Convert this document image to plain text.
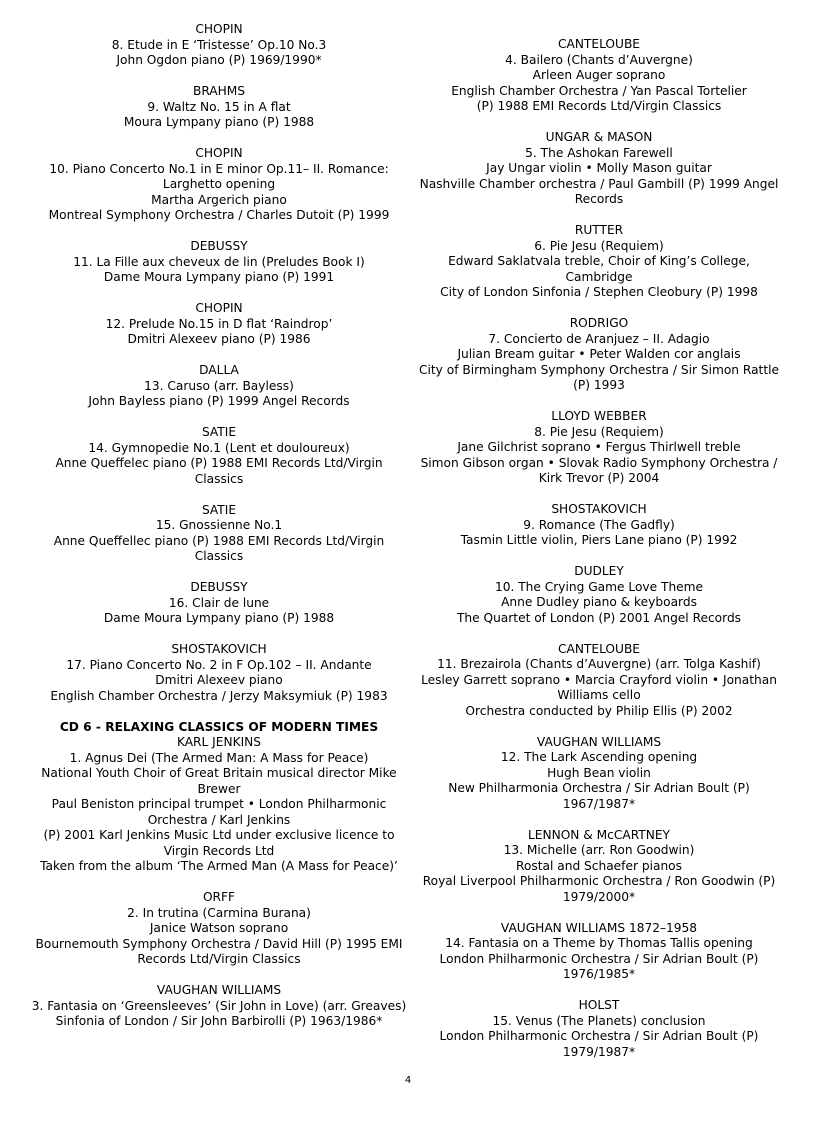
CHOPIN
8. Etude in E ‘Tristesse’ Op.10 No.3
John Ogdon piano (P) 1969/1990*
BRAHMS
9. Waltz No. 15 in A flat
Moura Lympany piano (P) 1988
CHOPIN
10. Piano Concerto No.1 in E minor Op.11– II. Romance: Larghetto opening
Martha Argerich piano
Montreal Symphony Orchestra / Charles Dutoit (P) 1999
DEBUSSY
11. La Fille aux cheveux de lin (Preludes Book I)
Dame Moura Lympany piano (P) 1991
CHOPIN
12. Prelude No.15 in D flat ‘Raindrop’
Dmitri Alexeev piano (P) 1986
DALLA
13. Caruso (arr. Bayless)
John Bayless piano (P) 1999 Angel Records
SATIE
14. Gymnopedie No.1 (Lent et douloureux)
Anne Queffelec piano (P) 1988 EMI Records Ltd/Virgin Classics
SATIE
15. Gnossienne No.1
Anne Queffellec piano (P) 1988 EMI Records Ltd/Virgin Classics
DEBUSSY
16. Clair de lune
Dame Moura Lympany piano (P) 1988
SHOSTAKOVICH
17. Piano Concerto No. 2 in F Op.102 – II. Andante
Dmitri Alexeev piano
English Chamber Orchestra / Jerzy Maksymiuk (P) 1983
CD 6 - RELAXING CLASSICS OF MODERN TIMES
KARL JENKINS
1. Agnus Dei (The Armed Man: A Mass for Peace)
National Youth Choir of Great Britain musical director Mike Brewer
Paul Beniston principal trumpet • London Philharmonic Orchestra / Karl Jenkins
(P) 2001 Karl Jenkins Music Ltd under exclusive licence to Virgin Records Ltd
Taken from the album ‘The Armed Man (A Mass for Peace)’
ORFF
2. In trutina (Carmina Burana)
Janice Watson soprano
Bournemouth Symphony Orchestra / David Hill (P) 1995 EMI Records Ltd/Virgin Classics
VAUGHAN WILLIAMS
3. Fantasia on ‘Greensleeves’ (Sir John in Love) (arr. Greaves)
Sinfonia of London / Sir John Barbirolli (P) 1963/1986*
CANTELOUBE
4. Bailero (Chants d’Auvergne)
Arleen Auger soprano
English Chamber Orchestra / Yan Pascal Tortelier
(P) 1988 EMI Records Ltd/Virgin Classics
UNGAR & MASON
5. The Ashokan Farewell
Jay Ungar violin • Molly Mason guitar
Nashville Chamber orchestra / Paul Gambill (P) 1999 Angel Records
RUTTER
6. Pie Jesu (Requiem)
Edward Saklatvala treble, Choir of King’s College, Cambridge
City of London Sinfonia / Stephen Cleobury (P) 1998
RODRIGO
7. Concierto de Aranjuez – II. Adagio
Julian Bream guitar • Peter Walden cor anglais
City of Birmingham Symphony Orchestra / Sir Simon Rattle (P) 1993
LLOYD WEBBER
8. Pie Jesu (Requiem)
Jane Gilchrist soprano • Fergus Thirlwell treble
Simon Gibson organ • Slovak Radio Symphony Orchestra / Kirk Trevor (P) 2004
SHOSTAKOVICH
9. Romance (The Gadfly)
Tasmin Little violin, Piers Lane piano (P) 1992
DUDLEY
10. The Crying Game Love Theme
Anne Dudley piano & keyboards
The Quartet of London (P) 2001 Angel Records
CANTELOUBE
11. Brezairola (Chants d’Auvergne) (arr. Tolga Kashif)
Lesley Garrett soprano • Marcia Crayford violin • Jonathan Williams cello
Orchestra conducted by Philip Ellis (P) 2002
VAUGHAN WILLIAMS
12. The Lark Ascending opening
Hugh Bean violin
New Philharmonia Orchestra / Sir Adrian Boult (P) 1967/1987*
LENNON & McCARTNEY
13. Michelle (arr. Ron Goodwin)
Rostal and Schaefer pianos
Royal Liverpool Philharmonic Orchestra / Ron Goodwin (P) 1979/2000*
VAUGHAN WILLIAMS 1872–1958
14. Fantasia on a Theme by Thomas Tallis opening
London Philharmonic Orchestra / Sir Adrian Boult (P) 1976/1985*
HOLST
15. Venus (The Planets) conclusion
London Philharmonic Orchestra / Sir Adrian Boult (P) 1979/1987*
4
